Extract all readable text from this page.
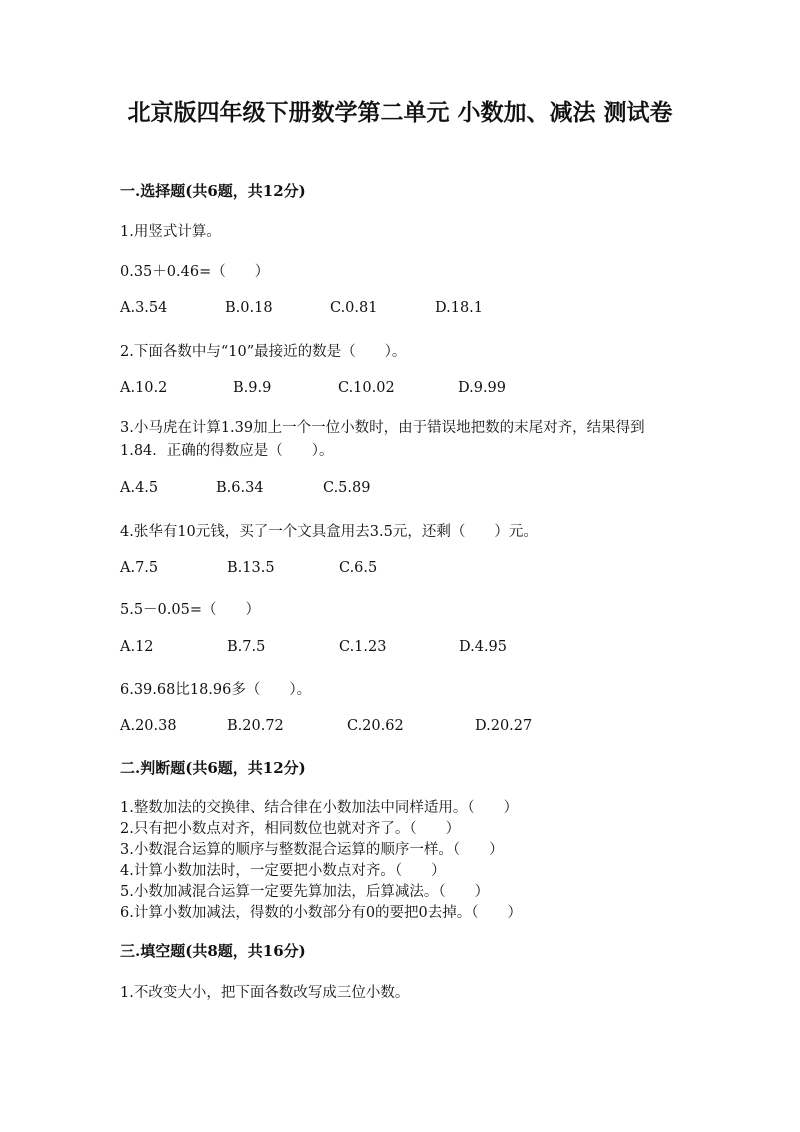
北京版四年级下册数学第二单元 小数加、减法 测试卷
一.选择题(共6题，共12分)
1.用竖式计算。
0.35＋0.46=（　　）
A.3.54	B.0.18	C.0.81	D.18.1
2.下面各数中与“10”最接近的数是（　　）。
A.10.2	B.9.9	C.10.02	D.9.99
3.小马虎在计算1.39加上一个一位小数时，由于错误地把数的末尾对齐，结果得到1.84．正确的得数应是（　　）。
A.4.5	B.6.34	C.5.89
4.张华有10元钱，买了一个文具盒用去3.5元，还剩（　　）元。
A.7.5	B.13.5	C.6.5
5.5－0.05=（　　）
A.12	B.7.5	C.1.23	D.4.95
6.39.68比18.96多（　　）。
A.20.38	B.20.72	C.20.62	D.20.27
二.判断题(共6题，共12分)
1.整数加法的交换律、结合律在小数加法中同样适用。（　　）
2.只有把小数点对齐，相同数位也就对齐了。（　　）
3.小数混合运算的顺序与整数混合运算的顺序一样。（　　）
4.计算小数加法时，一定要把小数点对齐。（　　）
5.小数加减混合运算一定要先算加法，后算减法。（　　）
6.计算小数加减法，得数的小数部分有0的要把0去掉。（　　）
三.填空题(共8题，共16分)
1.不改变大小，把下面各数改写成三位小数。
